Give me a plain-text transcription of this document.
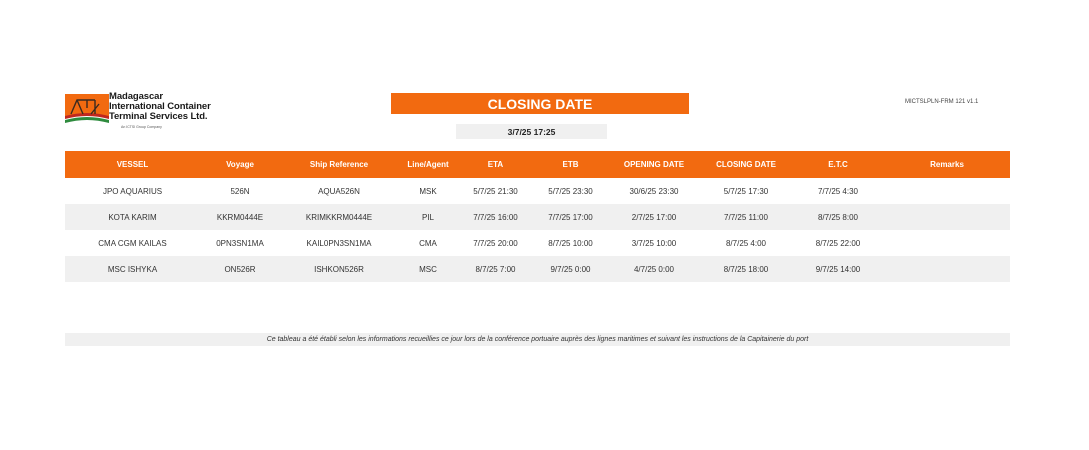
Madagascar
International Container
Terminal Services Ltd.
An ICTSI Group Company
CLOSING DATE
3/7/25 17:25
MICTSLPLN-FRM 121 v1.1
VESSEL	Voyage	Ship Reference	Line/Agent	ETA	ETB	OPENING DATE	CLOSING DATE	E.T.C	Remarks
JPO AQUARIUS	526N	AQUA526N	MSK	5/7/25 21:30	5/7/25 23:30	30/6/25 23:30	5/7/25 17:30	7/7/25 4:30
KOTA KARIM	KKRM0444E	KRIMKKRM0444E	PIL	7/7/25 16:00	7/7/25 17:00	2/7/25 17:00	7/7/25 11:00	8/7/25 8:00
CMA CGM KAILAS	0PN3SN1MA	KAIL0PN3SN1MA	CMA	7/7/25 20:00	8/7/25 10:00	3/7/25 10:00	8/7/25 4:00	8/7/25 22:00
MSC ISHYKA	ON526R	ISHKON526R	MSC	8/7/25 7:00	9/7/25 0:00	4/7/25 0:00	8/7/25 18:00	9/7/25 14:00
Ce tableau a été établi selon les informations recueillies ce jour lors de la conférence portuaire auprès des lignes maritimes et suivant les instructions de la Capitainerie du port
